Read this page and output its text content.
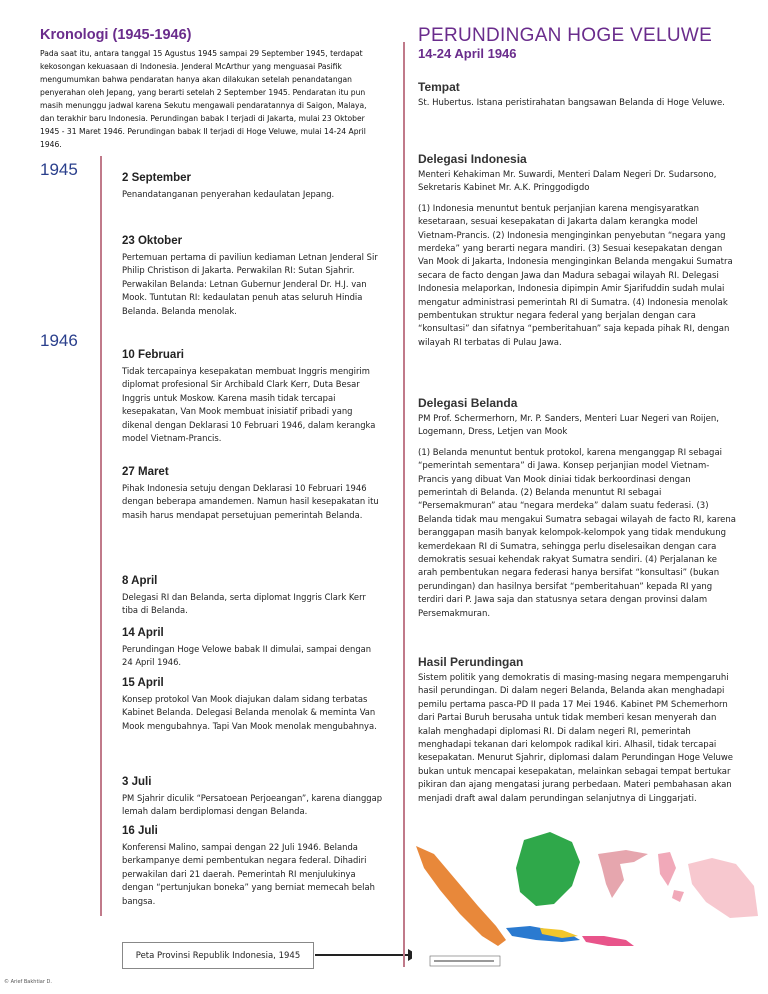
Kronologi (1945-1946)
Pada saat itu, antara tanggal 15 Agustus 1945 sampai 29 September 1945, terdapat kekosongan kekuasaan di Indonesia. Jenderal McArthur yang menguasai Pasifik mengumumkan bahwa pendaratan hanya akan dilakukan setelah penandatangan penyerahan oleh Jepang, yang berarti setelah 2 September 1945. Pendaratan itu pun masih menunggu jadwal karena Sekutu mengawali pendaratannya di Saigon, Malaya, dan terakhir baru Indonesia. Perundingan babak I terjadi di Jakarta, mulai 23 Oktober 1945 - 31 Maret 1946. Perundingan babak II terjadi di Hoge Veluwe, mulai 14-24 April 1946.
1945
1946
2 September

Penandatanganan penyerahan kedaulatan Jepang.

23 Oktober

Pertemuan pertama di paviliun kediaman Letnan Jenderal Sir Philip Christison di Jakarta. Perwakilan RI: Sutan Sjahrir. Perwakilan Belanda: Letnan Gubernur Jenderal Dr. H.J. van Mook. Tuntutan RI: kedaulatan penuh atas seluruh Hindia Belanda. Belanda menolak.

10 Februari

Tidak tercapainya kesepakatan membuat Inggris mengirim diplomat profesional Sir Archibald Clark Kerr, Duta Besar Inggris untuk Moskow. Karena masih tidak tercapai kesepakatan, Van Mook membuat inisiatif pribadi yang dikenal dengan Deklarasi 10 Februari 1946, dalam kerangka model Vietnam-Prancis.

27 Maret

Pihak Indonesia setuju dengan Deklarasi 10 Februari 1946 dengan beberapa amandemen. Namun hasil kesepakatan itu masih harus mendapat persetujuan pemerintah Belanda.

8 April

Delegasi RI dan Belanda, serta diplomat Inggris Clark Kerr tiba di Belanda.

14 April

Perundingan Hoge Velowe babak II dimulai, sampai dengan 24 April 1946.

15 April

Konsep protokol Van Mook diajukan dalam sidang terbatas Kabinet Belanda. Delegasi Belanda menolak & meminta Van Mook mengubahnya. Tapi Van Mook menolak mengubahnya.

3 Juli

PM Sjahrir diculik “Persatoean Perjoeangan”, karena dianggap lemah dalam berdiplomasi dengan Belanda.

16 Juli

Konferensi Malino, sampai dengan 22 Juli 1946. Belanda berkampanye demi pembentukan negara federal. Dihadiri perwakilan dari 21 daerah. Pemerintah RI menjulukinya dengan “pertunjukan boneka” yang berniat memecah belah bangsa.

Peta Provinsi Republik Indonesia, 1945
PERUNDINGAN HOGE VELUWE
14-24 April 1946
Tempat

St. Hubertus. Istana peristirahatan bangsawan Belanda di Hoge Veluwe.

Delegasi Indonesia

Menteri Kehakiman Mr. Suwardi, Menteri Dalam Negeri Dr. Sudarsono, Sekretaris Kabinet Mr. A.K. Pringgodigdo

(1) Indonesia menuntut bentuk perjanjian karena mengisyaratkan kesetaraan, sesuai kesepakatan di Jakarta dalam kerangka model Vietnam-Prancis. (2) Indonesia menginginkan penyebutan “negara yang merdeka” yang berarti negara mandiri. (3) Sesuai kesepakatan dengan Van Mook di Jakarta, Indonesia menginginkan Belanda mengakui Sumatra secara de facto dengan Jawa dan Madura sebagai wilayah RI. Delegasi Indonesia melaporkan, Indonesia dipimpin Amir Sjarifuddin sudah mulai mengatur administrasi pemerintah RI di Sumatra. (4) Indonesia menolak pembentukan struktur negara federal yang berjalan dengan cara “konsultasi” dan sifatnya “pemberitahuan” saja kepada pihak RI, dengan wilayah RI terbatas di Pulau Jawa.

Delegasi Belanda

PM Prof. Schermerhorn, Mr. P. Sanders, Menteri Luar Negeri van Roijen, Logemann, Dress, Letjen van Mook

(1) Belanda menuntut bentuk protokol, karena menganggap RI sebagai “pemerintah sementara” di Jawa. Konsep perjanjian model Vietnam-Prancis yang dibuat Van Mook diniai tidak berkoordinasi dengan pemerintah di Belanda. (2) Belanda menuntut RI sebagai “Persemakmuran” atau “negara merdeka” dalam suatu federasi. (3) Belanda tidak mau mengakui Sumatra sebagai wilayah de facto RI, karena beranggapan masih banyak kelompok-kelompok yang tidak mendukung kemerdekaan RI di Sumatra, sehingga perlu diselesaikan dengan cara demokratis sesuai kehendak rakyat Sumatra sendiri. (4) Perjalanan ke arah pembentukan negara federasi hanya bersifat “konsultasi” (bukan perundingan) dan hasilnya bersifat “pemberitahuan” kepada RI yang terdiri dari P. Jawa saja dan statusnya setara dengan provinsi dalam Persemakmuran.

Hasil Perundingan

Sistem politik yang demokratis di masing-masing negara mempengaruhi hasil perundingan. Di dalam negeri Belanda, Belanda akan menghadapi pemilu pertama pasca-PD II pada 17 Mei 1946. Kabinet PM Schemerhorn dari Partai Buruh berusaha untuk tidak memberi kesan menyerah dan kalah menghadapi diplomasi RI. Di dalam negeri RI, pemerintah menghadapi tekanan dari kelompok radikal kiri. Alhasil, tidak tercapai kesepakatan. Menurut Sjahrir, diplomasi dalam Perundingan Hoge Veluwe bukan untuk mencapai kesepakatan, melainkan sebagai tempat bertukar pikiran dan ajang mengatasi jurang perbedaan. Materi pembahasan akan menjadi draft awal dalam perundingan selanjutnya di Linggarjati.

© Arief Bakhtiar D.
